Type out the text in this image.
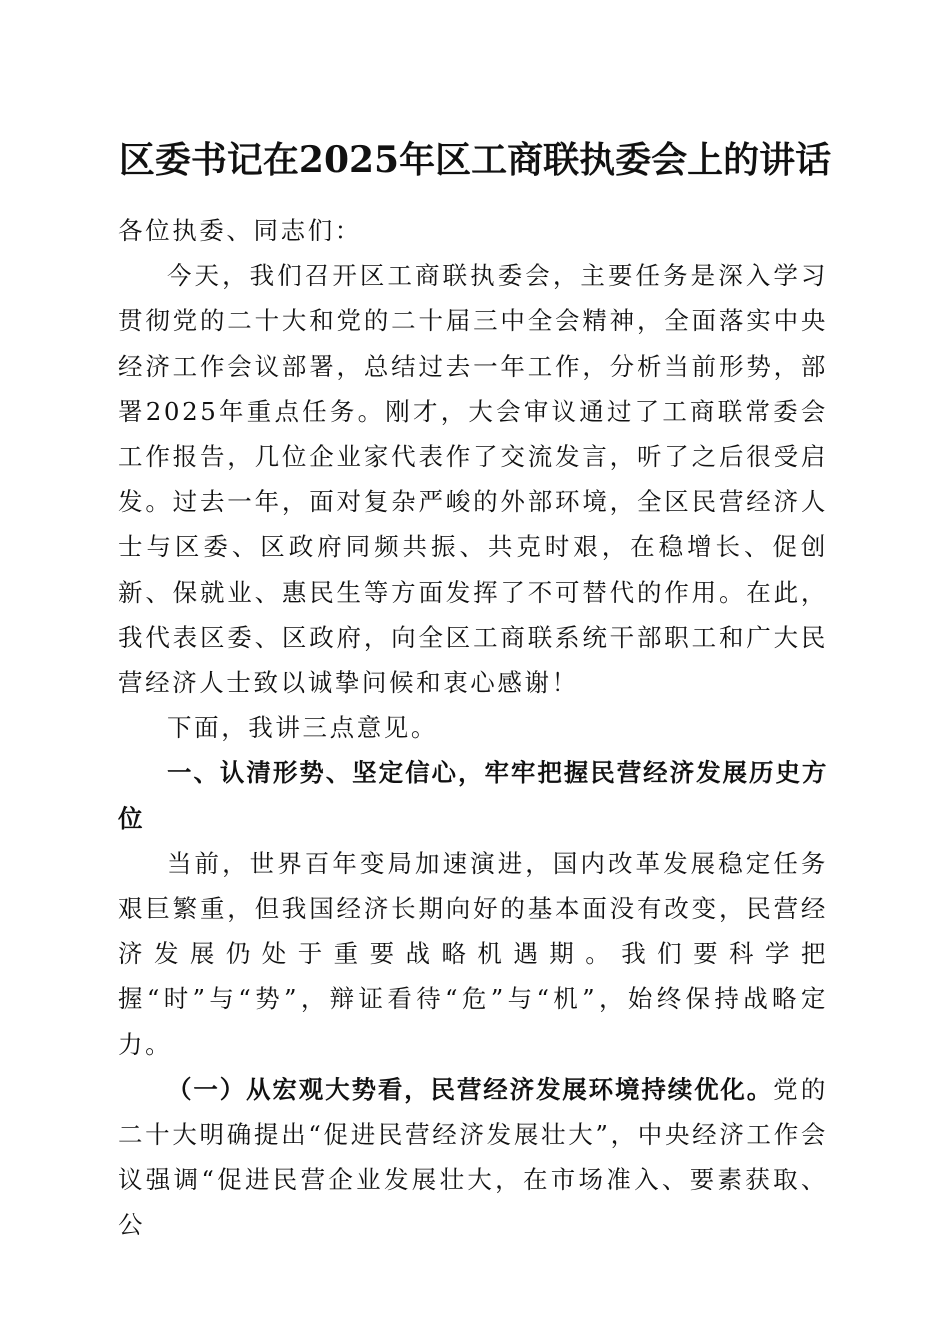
区委书记在2025年区工商联执委会上的讲话

各位执委、同志们：

今天，我们召开区工商联执委会，主要任务是深入学习贯彻党的二十大和党的二十届三中全会精神，全面落实中央经济工作会议部署，总结过去一年工作，分析当前形势，部署2025年重点任务。刚才，大会审议通过了工商联常委会工作报告，几位企业家代表作了交流发言，听了之后很受启发。过去一年，面对复杂严峻的外部环境，全区民营经济人士与区委、区政府同频共振、共克时艰，在稳增长、促创新、保就业、惠民生等方面发挥了不可替代的作用。在此，我代表区委、区政府，向全区工商联系统干部职工和广大民营经济人士致以诚挚问候和衷心感谢！

下面，我讲三点意见。

一、认清形势、坚定信心，牢牢把握民营经济发展历史方位

当前，世界百年变局加速演进，国内改革发展稳定任务艰巨繁重，但我国经济长期向好的基本面没有改变，民营经济发展仍处于重要战略机遇期。我们要科学把握“时”与“势”，辩证看待“危”与“机”，始终保持战略定力。

（一）从宏观大势看，民营经济发展环境持续优化。党的二十大明确提出“促进民营经济发展壮大”，中央经济工作会议强调“促进民营企业发展壮大，在市场准入、要素获取、公
